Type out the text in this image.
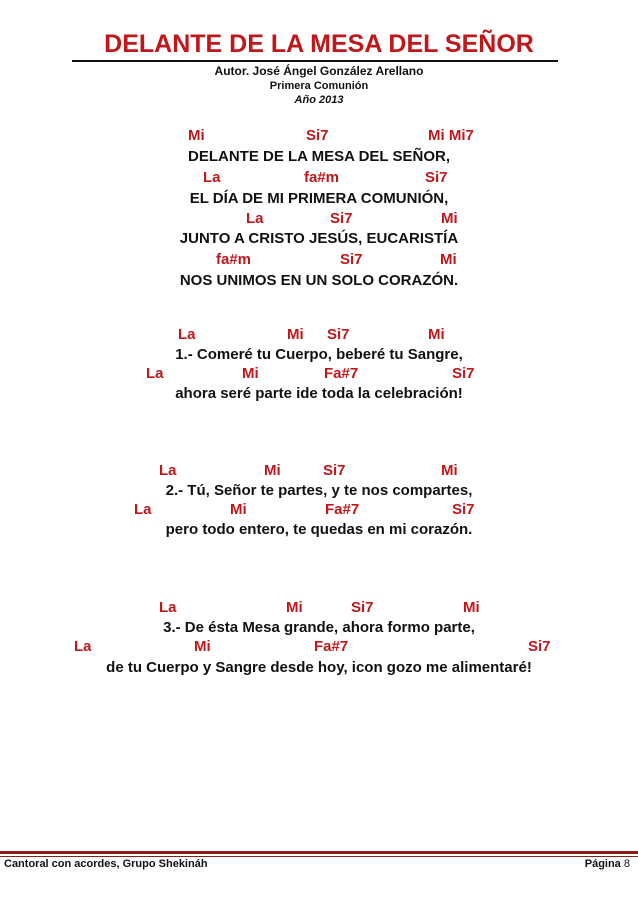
DELANTE DE LA MESA DEL SEÑOR
Autor. José Ángel González Arellano
Primera Comunión
Año 2013
Mi	Si7	Mi Mi7
DELANTE DE LA MESA DEL SEÑOR,
La	fa#m	Si7
EL DÍA DE MI PRIMERA COMUNIÓN,
La	Si7	Mi
JUNTO A CRISTO JESÚS, EUCARISTÍA
fa#m	Si7	Mi
NOS UNIMOS EN UN SOLO CORAZÓN.
La	Mi Si7	Mi
1.- Comeré tu Cuerpo, beberé tu Sangre,
La	Mi	Fa#7	Si7
ahora seré parte ide toda la celebración!
La	Mi	Si7	Mi
2.- Tú, Señor te partes, y te nos compartes,
La	Mi	Fa#7	Si7
pero todo entero, te quedas en mi corazón.
La	Mi	Si7	Mi
3.- De ésta Mesa grande, ahora formo parte,
La	Mi	Fa#7	Si7
de tu Cuerpo y Sangre desde hoy, icon gozo me alimentaré!
Cantoral con acordes, Grupo Shekináh	Página 8
